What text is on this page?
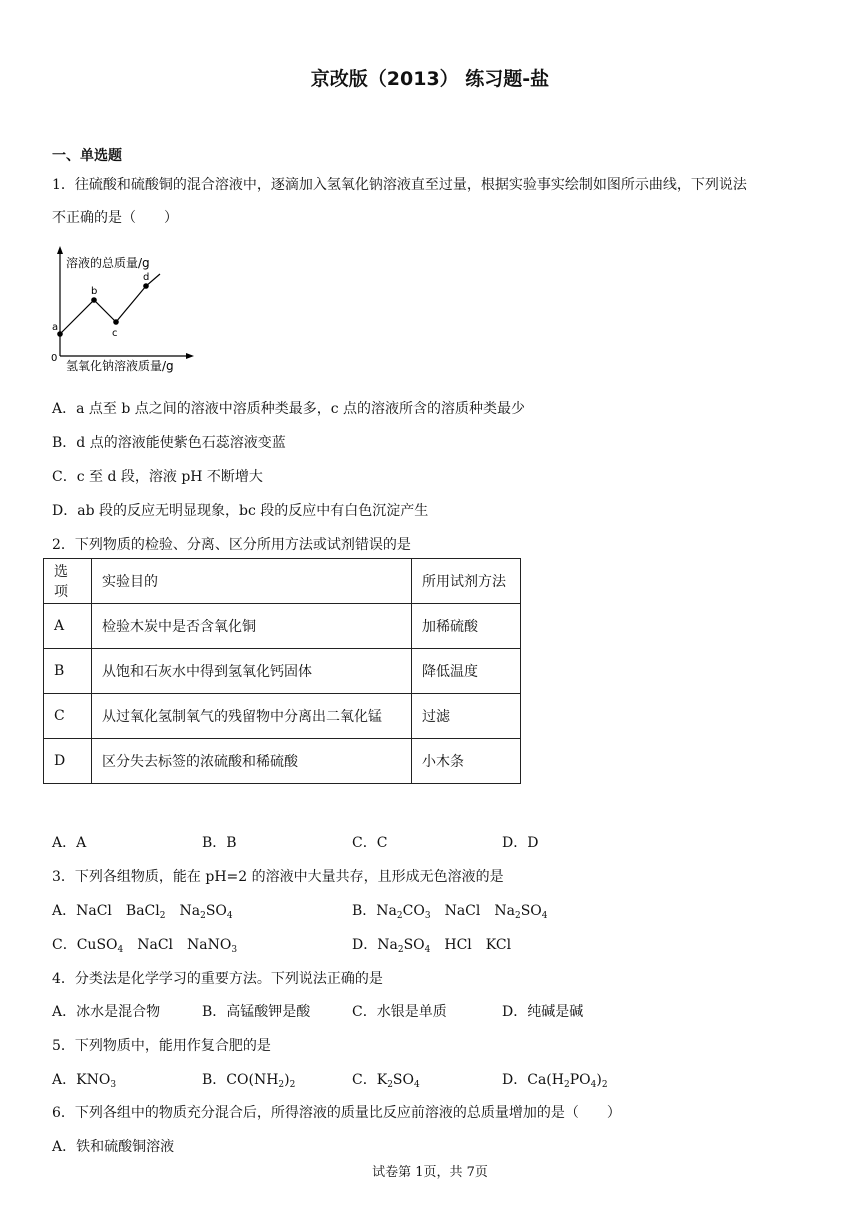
京改版（2013） 练习题-盐
一、单选题
1．往硫酸和硫酸铜的混合溶液中，逐滴加入氢氧化钠溶液直至过量，根据实验事实绘制如图所示曲线，下列说法
不正确的是（　　）
溶液的总质量/g
氢氧化钠溶液质量/g
0
a
b
c
d
A．a 点至 b 点之间的溶液中溶质种类最多，c 点的溶液所含的溶质种类最少
B．d 点的溶液能使紫色石蕊溶液变蓝
C．c 至 d 段，溶液 pH 不断增大
D．ab 段的反应无明显现象，bc 段的反应中有白色沉淀产生
2．下列物质的检验、分离、区分所用方法或试剂错误的是
选项	实验目的	所用试剂方法
A	检验木炭中是否含氧化铜	加稀硫酸
B	从饱和石灰水中得到氢氧化钙固体	降低温度
C	从过氧化氢制氧气的残留物中分离出二氧化锰	过滤
D	区分失去标签的浓硫酸和稀硫酸	小木条
A．A	B．B	C．C	D．D
3．下列各组物质，能在 pH=2 的溶液中大量共存，且形成无色溶液的是
A．NaCl　BaCl$_2$　$Na_2SO_4$	B．$Na_2CO_3$　NaCl　$Na_2SO_4$
C．CuSO$_4$　NaCl　NaNO$_3$	D．$Na_2SO_4$　HCl　KCl
4．分类法是化学学习的重要方法。下列说法正确的是
A．冰水是混合物	B．高锰酸钾是酸	C．水银是单质	D．纯碱是碱
5．下列物质中，能用作复合肥的是
A．$KNO_3$	B．$CO(NH_2)_2$	C．$K_2SO_4$	D．$Ca(H_2PO_4)_2$
6．下列各组中的物质充分混合后，所得溶液的质量比反应前溶液的总质量增加的是（　　）
A．铁和硫酸铜溶液
试卷第 1页，共 7页
